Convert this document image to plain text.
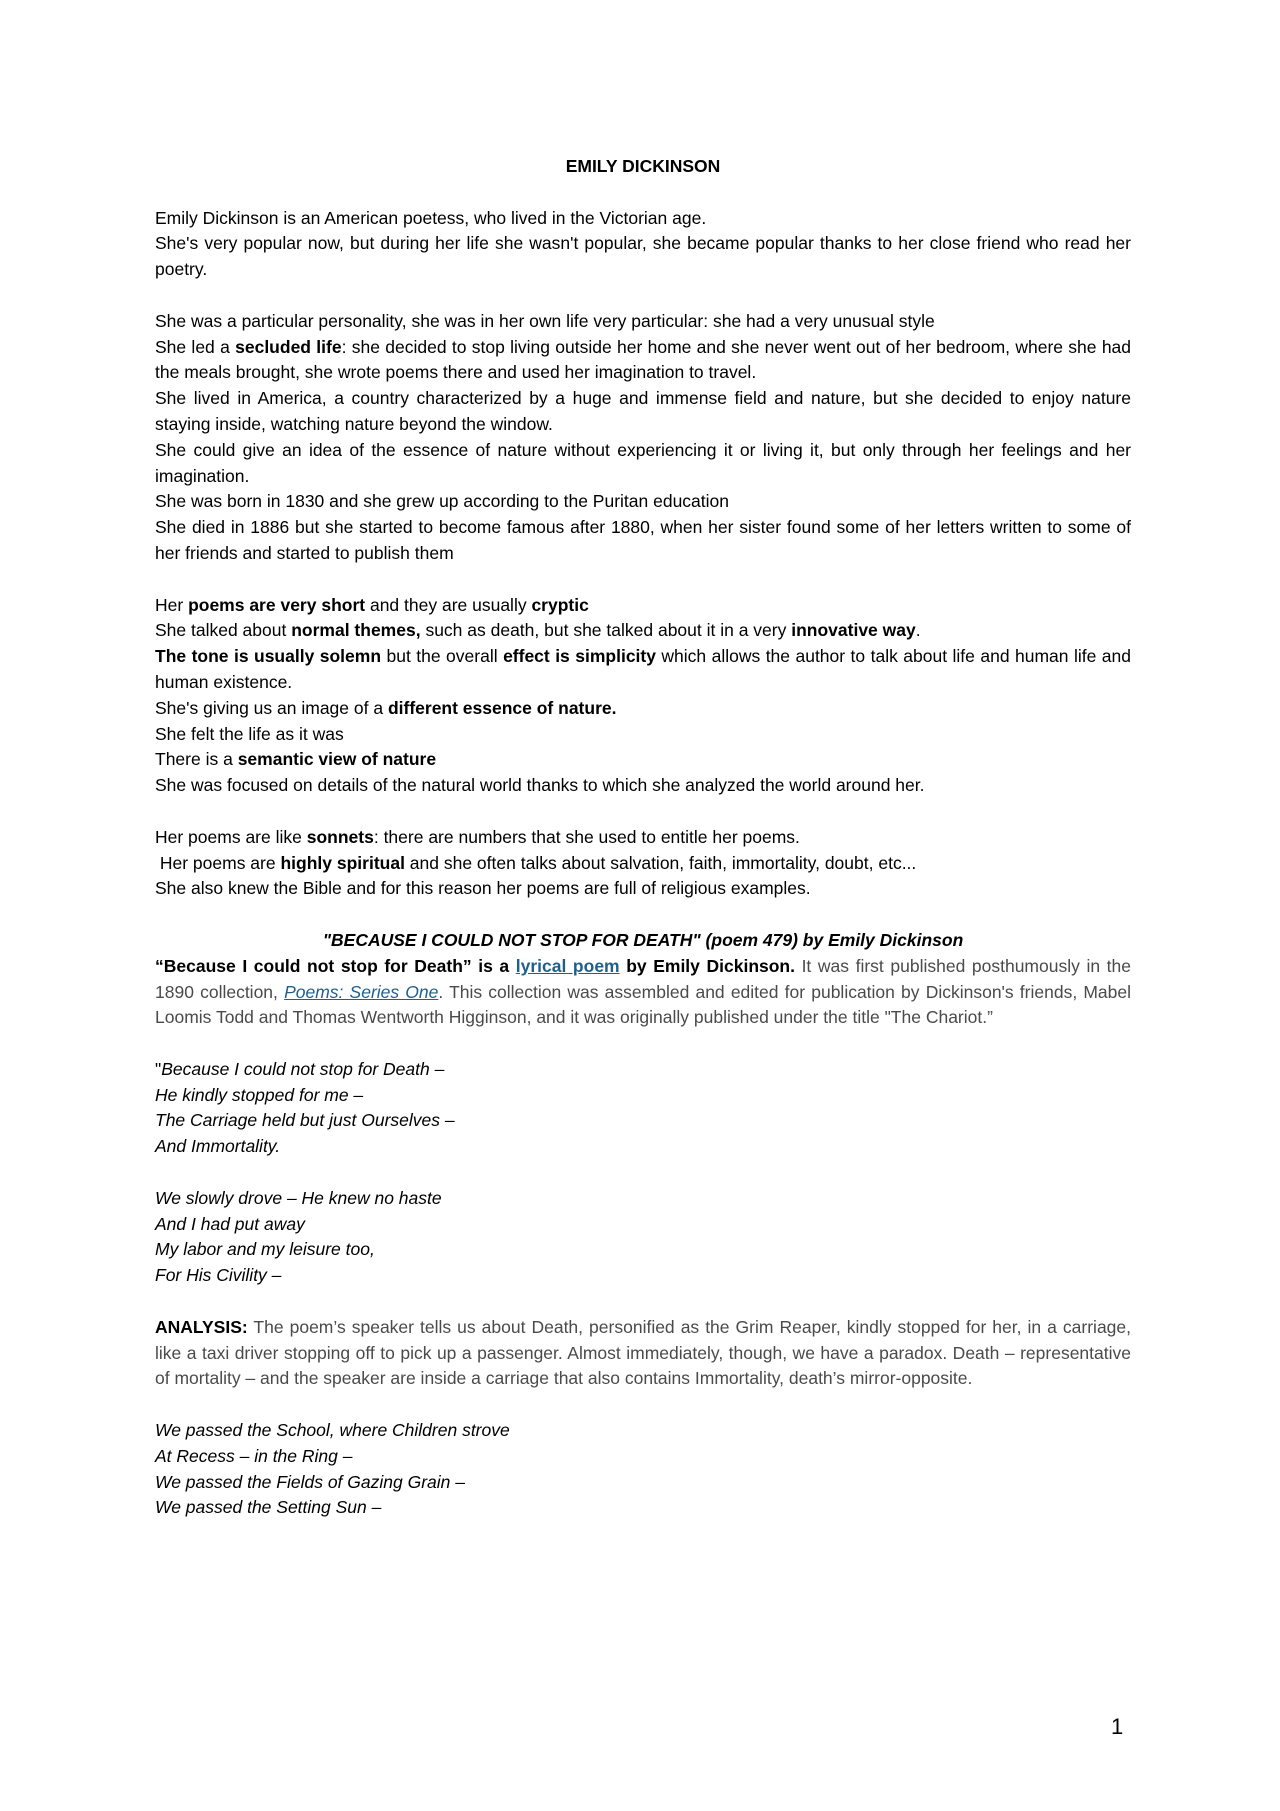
EMILY DICKINSON

Emily Dickinson is an American poetess, who lived in the Victorian age.

She's very popular now, but during her life she wasn't popular, she became popular thanks to her close friend who read her poetry.

She was a particular personality, she was in her own life very particular: she had a very unusual style

She led a secluded life: she decided to stop living outside her home and she never went out of her bedroom, where she had the meals brought, she wrote poems there and used her imagination to travel.

She lived in America, a country characterized by a huge and immense field and nature, but she decided to enjoy nature staying inside, watching nature beyond the window.

She could give an idea of the essence of nature without experiencing it or living it, but only through her feelings and her imagination.

She was born in 1830 and she grew up according to the Puritan education

She died in 1886 but she started to become famous after 1880, when her sister found some of her letters written to some of her friends and started to publish them

Her poems are very short and they are usually cryptic

She talked about normal themes, such as death, but she talked about it in a very innovative way.

The tone is usually solemn but the overall effect is simplicity which allows the author to talk about life and human life and human existence.

She's giving us an image of a different essence of nature.

She felt the life as it was

There is a semantic view of nature

She was focused on details of the natural world thanks to which she analyzed the world around her.

Her poems are like sonnets: there are numbers that she used to entitle her poems.

Her poems are highly spiritual and she often talks about salvation, faith, immortality, doubt, etc...

She also knew the Bible and for this reason her poems are full of religious examples.

"BECAUSE I COULD NOT STOP FOR DEATH" (poem 479) by Emily Dickinson

“Because I could not stop for Death” is a lyrical poem by Emily Dickinson. It was first published posthumously in the 1890 collection, Poems: Series One. This collection was assembled and edited for publication by Dickinson's friends, Mabel Loomis Todd and Thomas Wentworth Higginson, and it was originally published under the title "The Chariot.”

"Because I could not stop for Death –

He kindly stopped for me –

The Carriage held but just Ourselves –

And Immortality.

We slowly drove – He knew no haste

And I had put away

My labor and my leisure too,

For His Civility –

ANALYSIS: The poem’s speaker tells us about Death, personified as the Grim Reaper, kindly stopped for her, in a carriage, like a taxi driver stopping off to pick up a passenger. Almost immediately, though, we have a paradox. Death – representative of mortality – and the speaker are inside a carriage that also contains Immortality, death’s mirror-opposite.

We passed the School, where Children strove

At Recess – in the Ring –

We passed the Fields of Gazing Grain –

We passed the Setting Sun –

1
